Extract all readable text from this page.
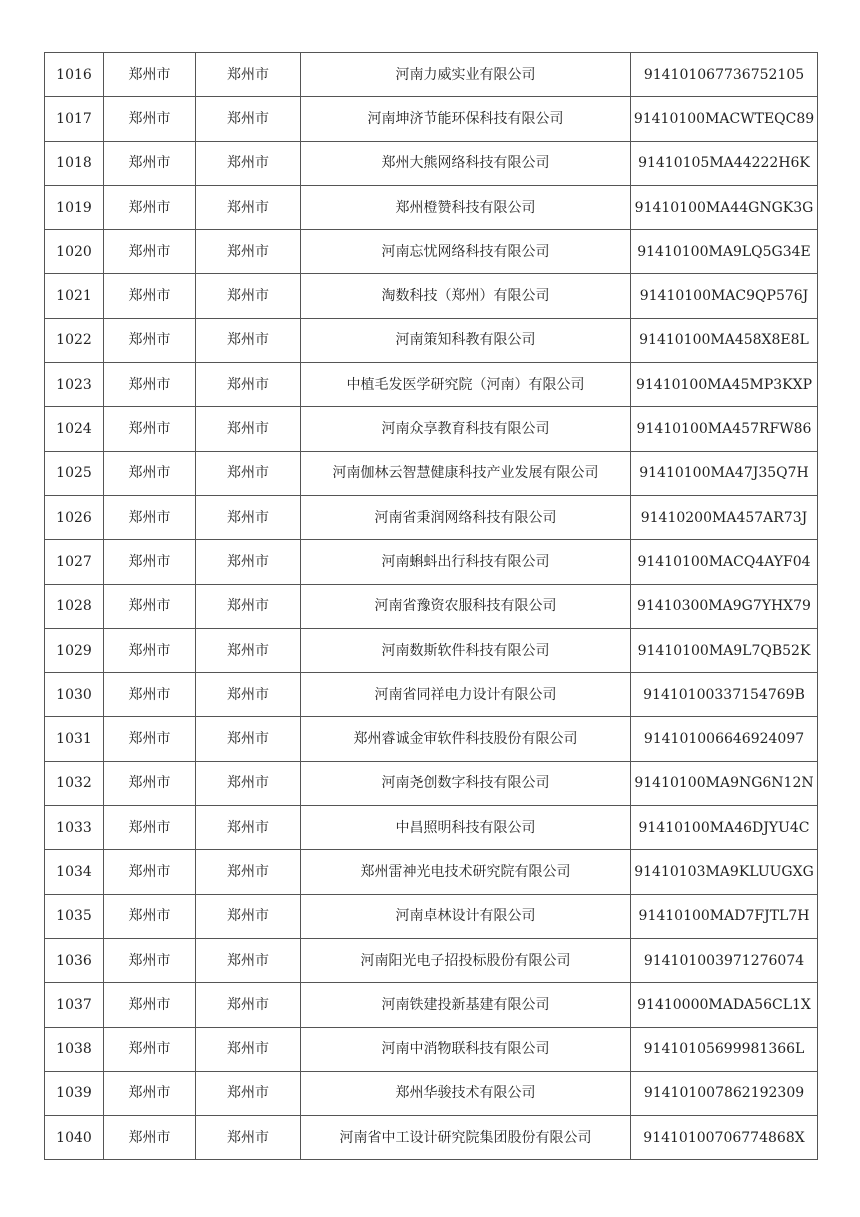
1016	郑州市	郑州市	河南力威实业有限公司	914101067736752105
1017	郑州市	郑州市	河南坤济节能环保科技有限公司	91410100MACWTEQC89
1018	郑州市	郑州市	郑州大熊网络科技有限公司	91410105MA44222H6K
1019	郑州市	郑州市	郑州橙赞科技有限公司	91410100MA44GNGK3G
1020	郑州市	郑州市	河南忘忧网络科技有限公司	91410100MA9LQ5G34E
1021	郑州市	郑州市	淘数科技（郑州）有限公司	91410100MAC9QP576J
1022	郑州市	郑州市	河南策知科教有限公司	91410100MA458X8E8L
1023	郑州市	郑州市	中植毛发医学研究院（河南）有限公司	91410100MA45MP3KXP
1024	郑州市	郑州市	河南众享教育科技有限公司	91410100MA457RFW86
1025	郑州市	郑州市	河南伽林云智慧健康科技产业发展有限公司	91410100MA47J35Q7H
1026	郑州市	郑州市	河南省秉润网络科技有限公司	91410200MA457AR73J
1027	郑州市	郑州市	河南蝌蚪出行科技有限公司	91410100MACQ4AYF04
1028	郑州市	郑州市	河南省豫资农服科技有限公司	91410300MA9G7YHX79
1029	郑州市	郑州市	河南数斯软件科技有限公司	91410100MA9L7QB52K
1030	郑州市	郑州市	河南省同祥电力设计有限公司	91410100337154769B
1031	郑州市	郑州市	郑州睿诚金审软件科技股份有限公司	914101006646924097
1032	郑州市	郑州市	河南尧创数字科技有限公司	91410100MA9NG6N12N
1033	郑州市	郑州市	中昌照明科技有限公司	91410100MA46DJYU4C
1034	郑州市	郑州市	郑州雷神光电技术研究院有限公司	91410103MA9KLUUGXG
1035	郑州市	郑州市	河南卓林设计有限公司	91410100MAD7FJTL7H
1036	郑州市	郑州市	河南阳光电子招投标股份有限公司	914101003971276074
1037	郑州市	郑州市	河南铁建投新基建有限公司	91410000MADA56CL1X
1038	郑州市	郑州市	河南中消物联科技有限公司	91410105699981366L
1039	郑州市	郑州市	郑州华骏技术有限公司	914101007862192309
1040	郑州市	郑州市	河南省中工设计研究院集团股份有限公司	91410100706774868X
